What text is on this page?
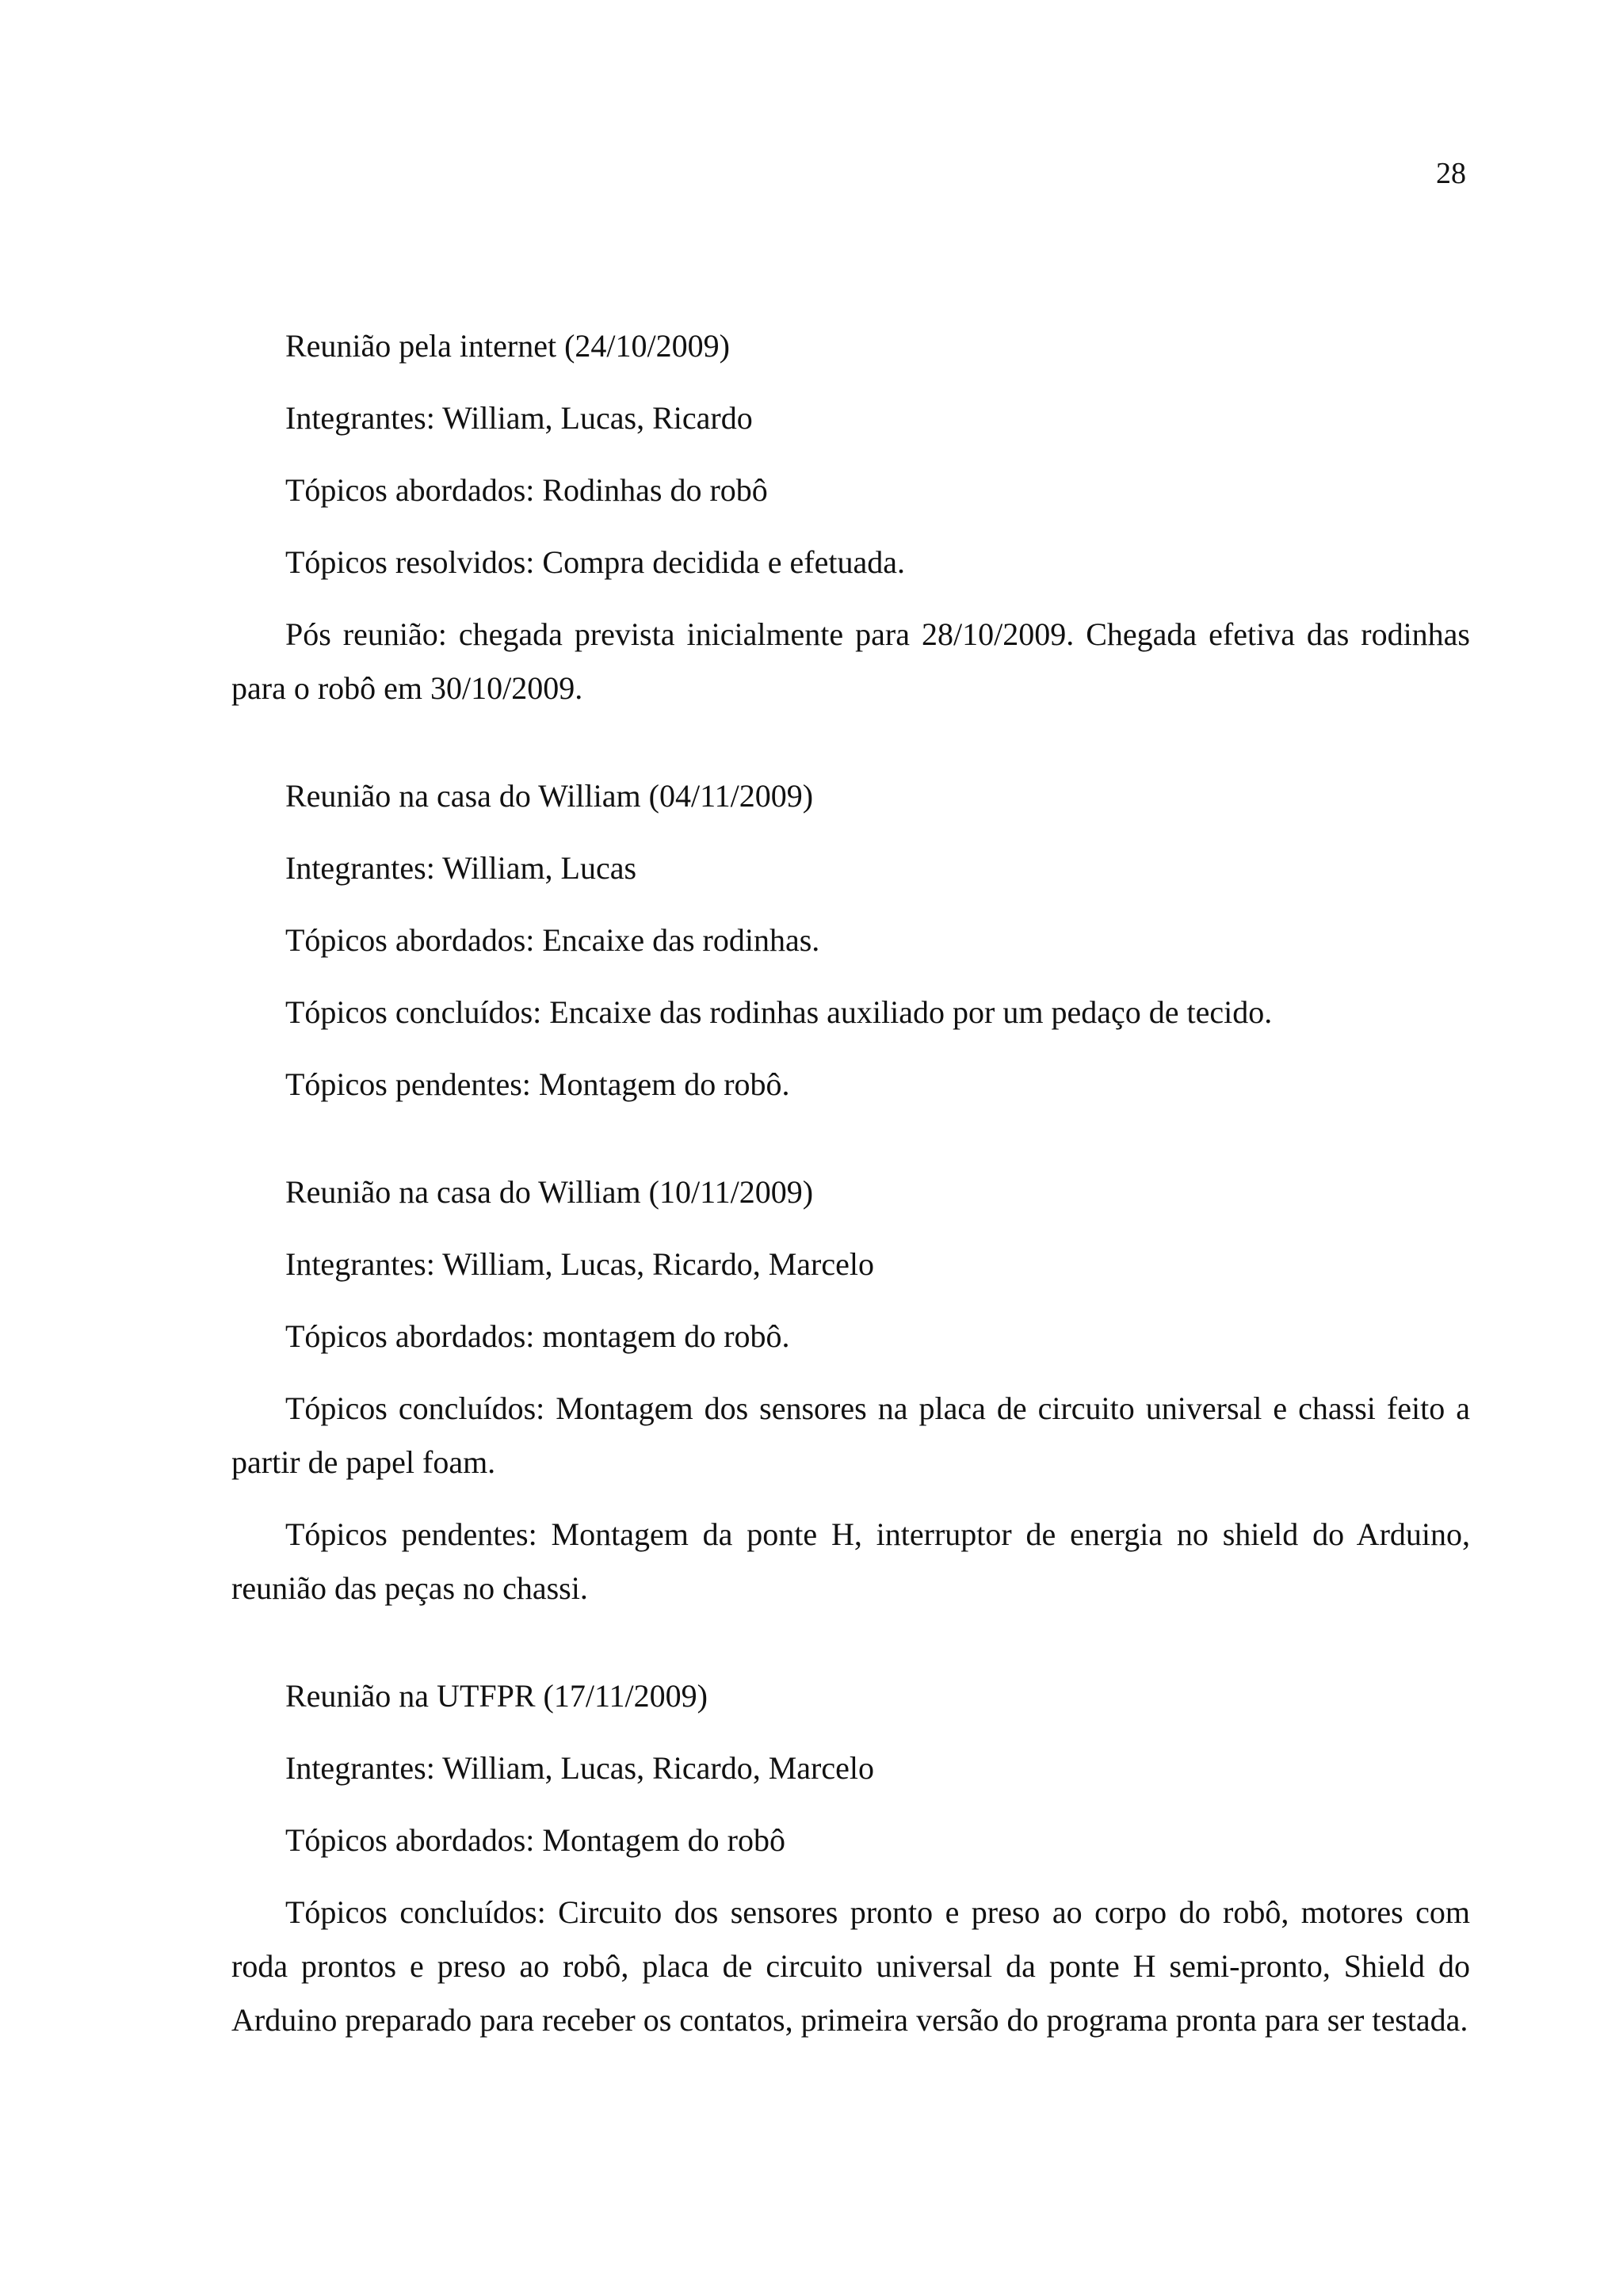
28

Reunião pela internet (24/10/2009)

Integrantes: William, Lucas, Ricardo

Tópicos abordados: Rodinhas do robô

Tópicos resolvidos: Compra decidida e efetuada.

Pós reunião: chegada prevista inicialmente para 28/10/2009. Chegada efetiva das rodinhas para o robô em 30/10/2009.

Reunião na casa do William (04/11/2009)

Integrantes: William, Lucas

Tópicos abordados: Encaixe das rodinhas.

Tópicos concluídos: Encaixe das rodinhas auxiliado por um pedaço de tecido.

Tópicos pendentes: Montagem do robô.

Reunião na casa do William (10/11/2009)

Integrantes: William, Lucas, Ricardo, Marcelo

Tópicos abordados: montagem do robô.

Tópicos concluídos: Montagem dos sensores na placa de circuito universal e chassi feito a partir de papel foam.

Tópicos pendentes: Montagem da ponte H, interruptor de energia no shield do Arduino, reunião das peças no chassi.

Reunião na UTFPR (17/11/2009)

Integrantes: William, Lucas, Ricardo, Marcelo

Tópicos abordados: Montagem do robô

Tópicos concluídos: Circuito dos sensores pronto e preso ao corpo do robô, motores com roda prontos e preso ao robô, placa de circuito universal da ponte H semi-pronto, Shield do Arduino preparado para receber os contatos, primeira versão do programa pronta para ser testada.
